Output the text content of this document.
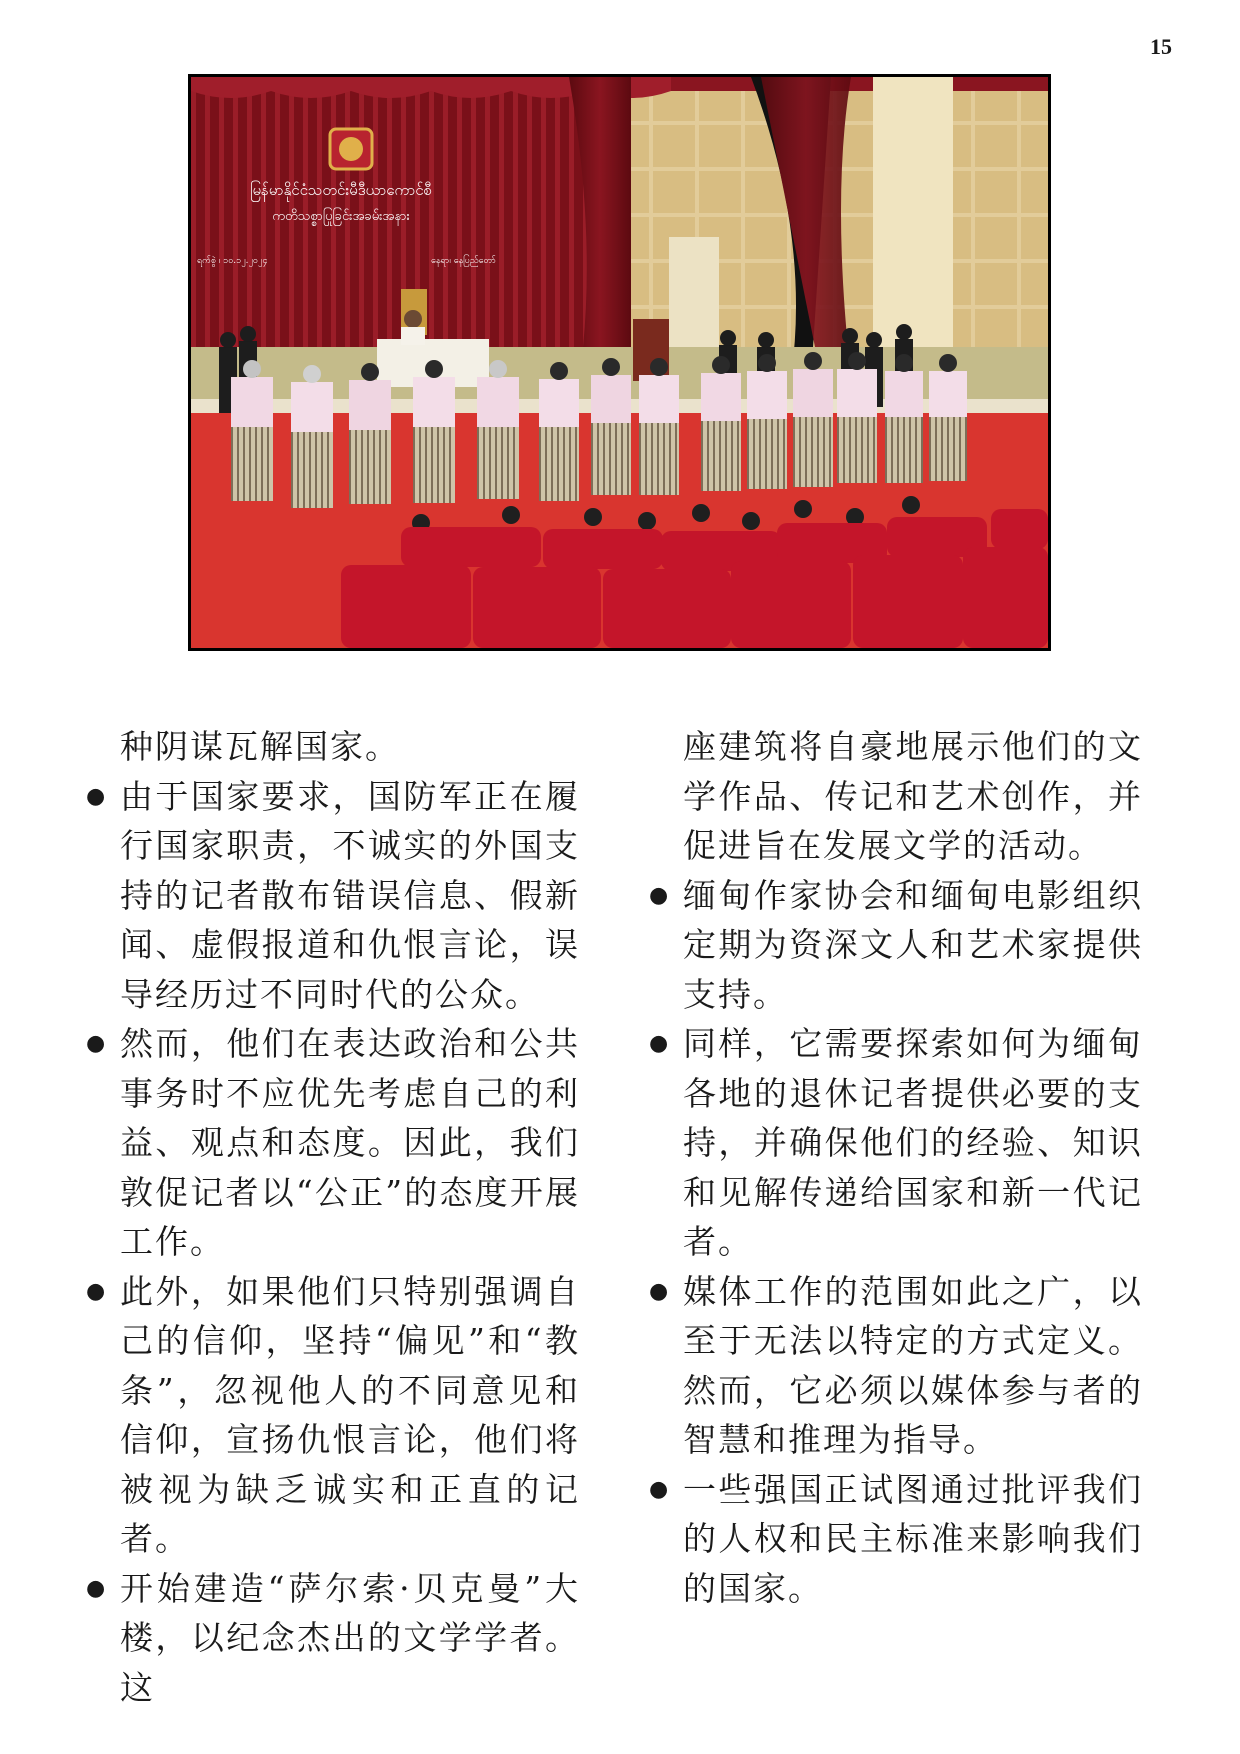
15
မြန်မာနိုင်ငံသတင်းမီဒီယာကောင်စီ
ကတိသစ္စာပြုခြင်းအခမ်းအနား
ရက်စွဲ ၊ ၁၀.၁၂.၂၀၂၄	နေရာ၊ နေပြည်တော်

种阴谋瓦解国家。

● 由于国家要求，国防军正在履行国家职责，不诚实的外国支持的记者散布错误信息、假新闻、虚假报道和仇恨言论，误导经历过不同时代的公众。

● 然而，他们在表达政治和公共事务时不应优先考虑自己的利益、观点和态度。因此，我们敦促记者以“公正”的态度开展工作。

● 此外，如果他们只特别强调自己的信仰，坚持“偏见”和“教条”，忽视他人的不同意见和信仰，宣扬仇恨言论，他们将被视为缺乏诚实和正直的记者。

● 开始建造“萨尔索·贝克曼”大楼，以纪念杰出的文学学者。这

座建筑将自豪地展示他们的文学作品、传记和艺术创作，并促进旨在发展文学的活动。

● 缅甸作家协会和缅甸电影组织定期为资深文人和艺术家提供支持。

● 同样，它需要探索如何为缅甸各地的退休记者提供必要的支持，并确保他们的经验、知识和见解传递给国家和新一代记者。

● 媒体工作的范围如此之广，以至于无法以特定的方式定义。然而，它必须以媒体参与者的智慧和推理为指导。

● 一些强国正试图通过批评我们的人权和民主标准来影响我们的国家。
